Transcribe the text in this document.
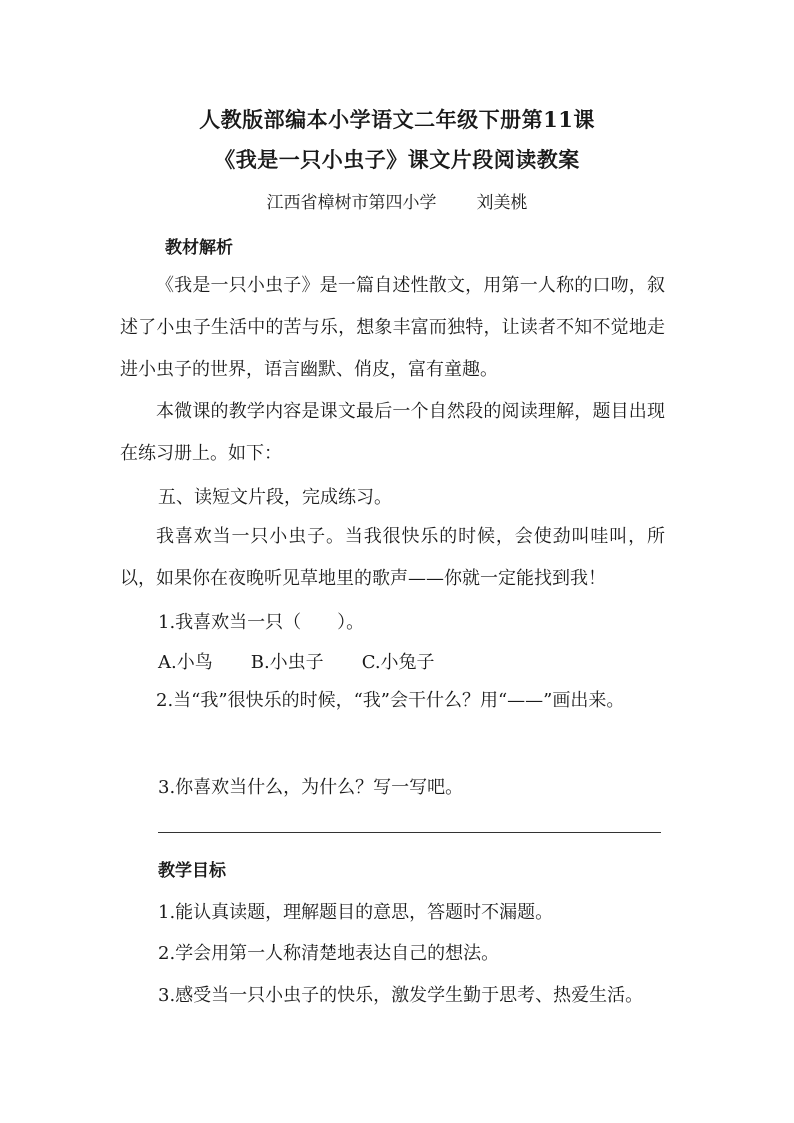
人教版部编本小学语文二年级下册第11课
《我是一只小虫子》课文片段阅读教案
江西省樟树市第四小学 刘美桃
教材解析
《我是一只小虫子》是一篇自述性散文，用第一人称的口吻，叙述了小虫子生活中的苦与乐，想象丰富而独特，让读者不知不觉地走进小虫子的世界，语言幽默、俏皮，富有童趣。
本微课的教学内容是课文最后一个自然段的阅读理解，题目出现在练习册上。如下：
五、读短文片段，完成练习。
我喜欢当一只小虫子。当我很快乐的时候，会使劲叫哇叫，所以，如果你在夜晚听见草地里的歌声——你就一定能找到我！
1.我喜欢当一只（　　）。
A.小鸟 B.小虫子 C.小兔子
2.当“我”很快乐的时候，“我”会干什么？用“——”画出来。
3.你喜欢当什么，为什么？写一写吧。
教学目标
1.能认真读题，理解题目的意思，答题时不漏题。
2.学会用第一人称清楚地表达自己的想法。
3.感受当一只小虫子的快乐，激发学生勤于思考、热爱生活。
